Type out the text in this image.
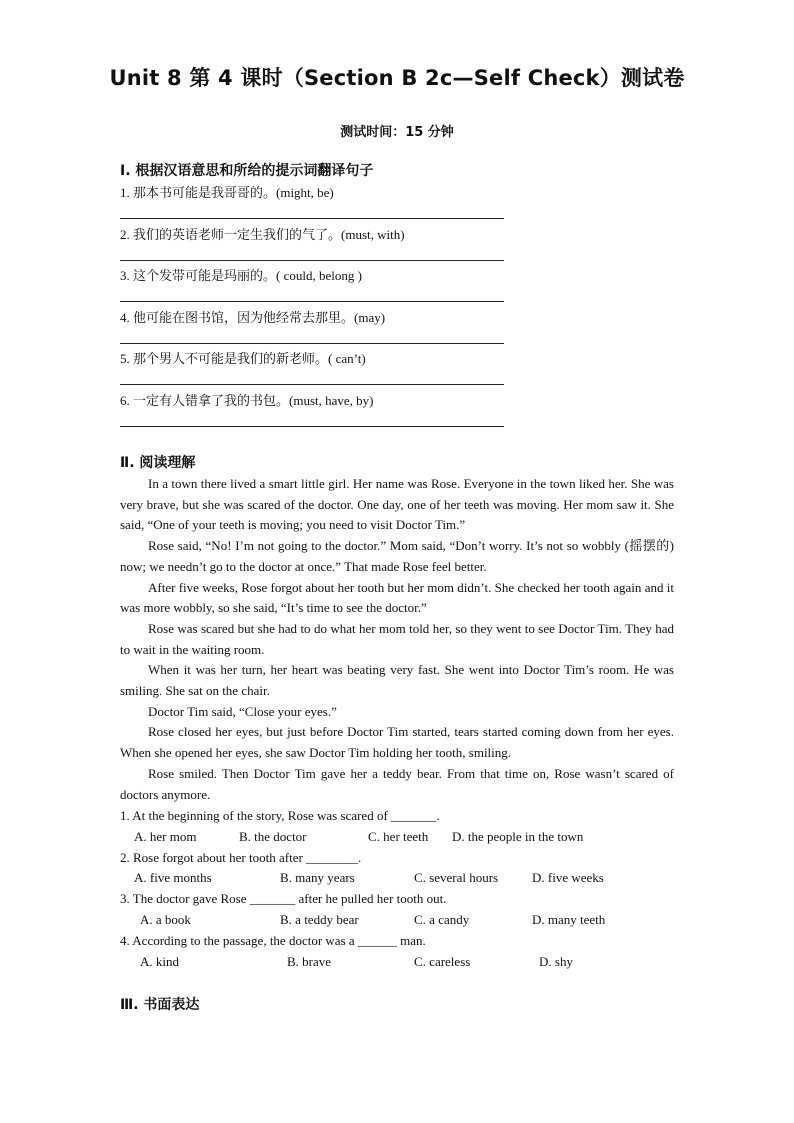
Unit 8 第 4 课时（Section B 2c—Self Check）测试卷
测试时间：15 分钟
Ⅰ. 根据汉语意思和所给的提示词翻译句子
1. 那本书可能是我哥哥的。(might, be)
2. 我们的英语老师一定生我们的气了。(must, with)
3. 这个发带可能是玛丽的。( could, belong )
4. 他可能在图书馆，因为他经常去那里。(may)
5. 那个男人不可能是我们的新老师。( can’t)
6. 一定有人错拿了我的书包。(must, have, by)
Ⅱ. 阅读理解

In a town there lived a smart little girl. Her name was Rose. Everyone in the town liked her. She was very brave, but she was scared of the doctor. One day, one of her teeth was moving. Her mom saw it. She said, “One of your teeth is moving; you need to visit Doctor Tim.”

Rose said, “No! I’m not going to the doctor.” Mom said, “Don’t worry. It’s not so wobbly (摇摆的) now; we needn’t go to the doctor at once.” That made Rose feel better.

After five weeks, Rose forgot about her tooth but her mom didn’t. She checked her tooth again and it was more wobbly, so she said, “It’s time to see the doctor.”

Rose was scared but she had to do what her mom told her, so they went to see Doctor Tim. They had to wait in the waiting room.

When it was her turn, her heart was beating very fast. She went into Doctor Tim’s room. He was smiling. She sat on the chair.

Doctor Tim said, “Close your eyes.”

Rose closed her eyes, but just before Doctor Tim started, tears started coming down from her eyes. When she opened her eyes, she saw Doctor Tim holding her tooth, smiling.

Rose smiled. Then Doctor Tim gave her a teddy bear. From that time on, Rose wasn’t scared of doctors anymore.

1. At the beginning of the story, Rose was scared of _______.
A. her mom	B. the doctor	C. her teeth D. the people in the town
2. Rose forgot about her tooth after ________.
A. five months	B. many years	C. several hours	D. five weeks
3. The doctor gave Rose _______ after he pulled her tooth out.
A. a book	B. a teddy bear	C. a candy	D. many teeth
4. According to the passage, the doctor was a ______ man.
A. kind	B. brave	C. careless	D. shy
Ⅲ. 书面表达
